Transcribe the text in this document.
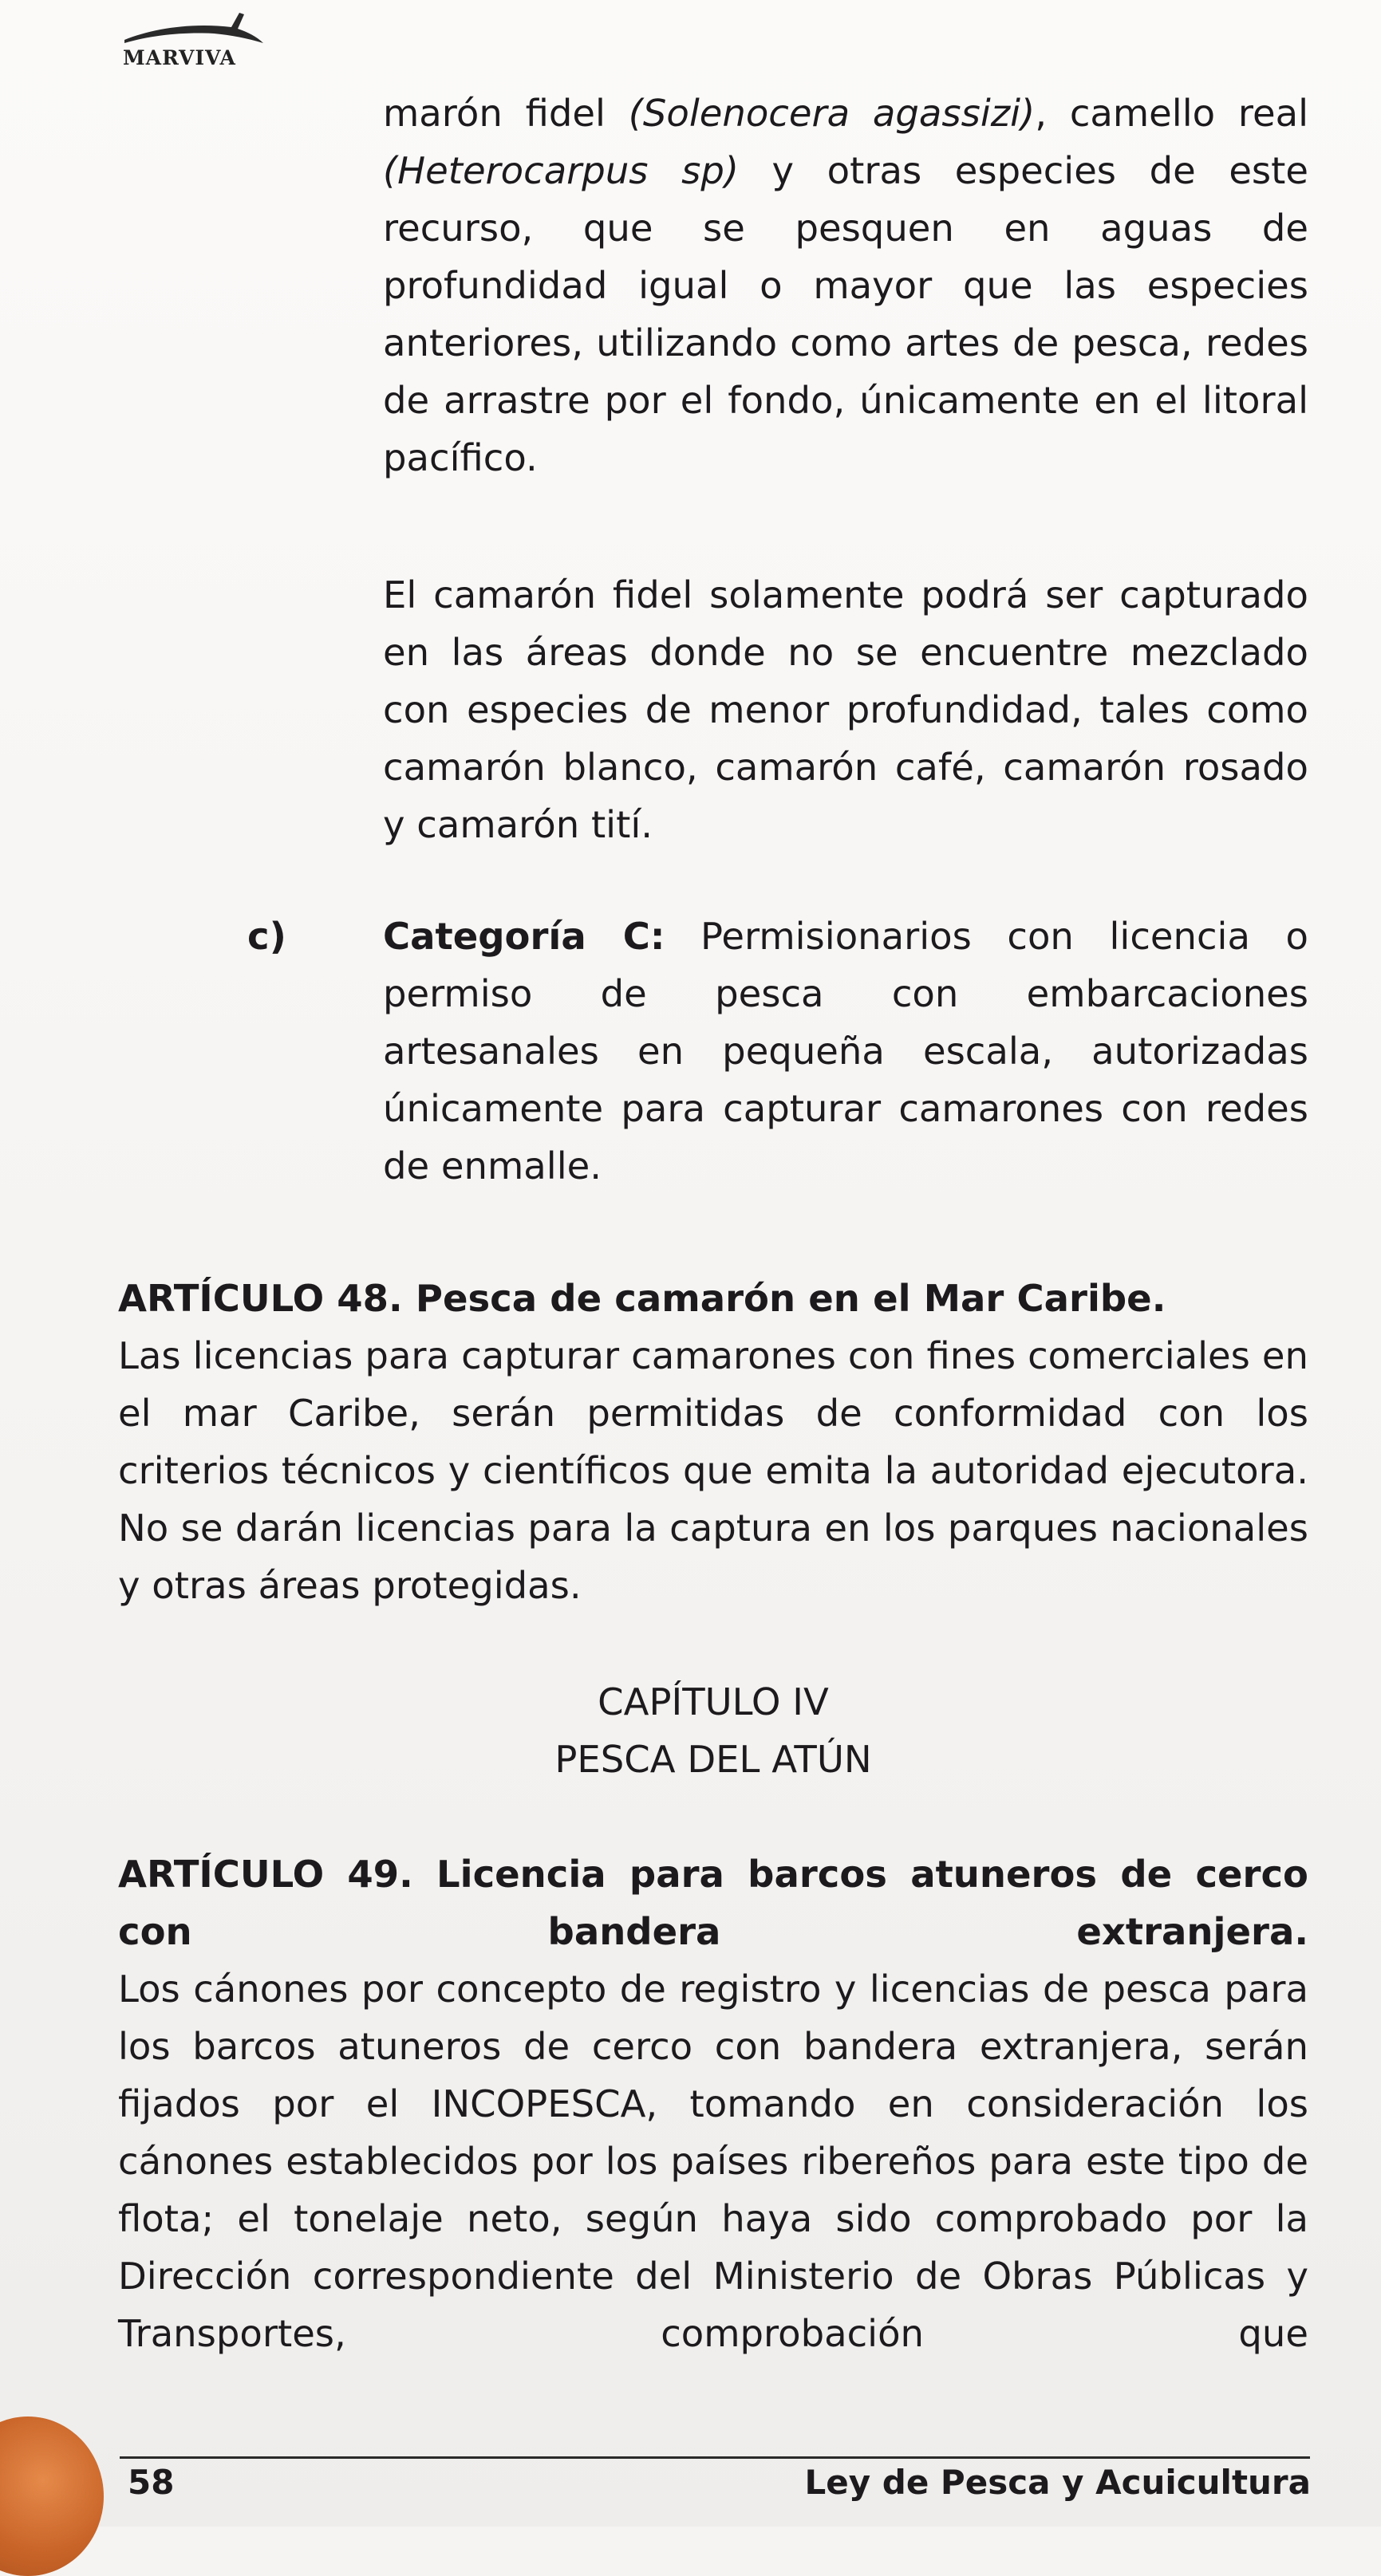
MARVIVA

marón fidel (Solenocera agassizi), camello real (Heterocarpus sp) y otras especies de este recurso, que se pesquen en aguas de profundidad igual o mayor que las especies anteriores, utilizando como artes de pesca, redes de arrastre por el fondo, únicamente en el litoral pacífico.

El camarón fidel solamente podrá ser capturado en las áreas donde no se encuentre mezclado con especies de menor profundidad, tales como camarón blanco, camarón café, camarón rosado y camarón tití.

c)	Categoría C: Permisionarios con licencia o permiso de pesca con embarcaciones artesanales en pequeña escala, autorizadas únicamente para capturar camarones con redes de enmalle.

ARTÍCULO 48. Pesca de camarón en el Mar Caribe.

Las licencias para capturar camarones con fines comerciales en el mar Caribe, serán permitidas de conformidad con los criterios técnicos y científicos que emita la autoridad ejecutora. No se darán licencias para la captura en los parques nacionales y otras áreas protegidas.

CAPÍTULO IV

PESCA DEL ATÚN

ARTÍCULO 49. Licencia para barcos atuneros de cerco con bandera extranjera.

Los cánones por concepto de registro y licencias de pesca para los barcos atuneros de cerco con bandera extranjera, serán fijados por el INCOPESCA, tomando en consideración los cánones establecidos por los países ribereños para este tipo de flota; el tonelaje neto, según haya sido comprobado por la Dirección correspondiente del Ministerio de Obras Públicas y Transportes, comprobación que

58	Ley de Pesca y Acuicultura
